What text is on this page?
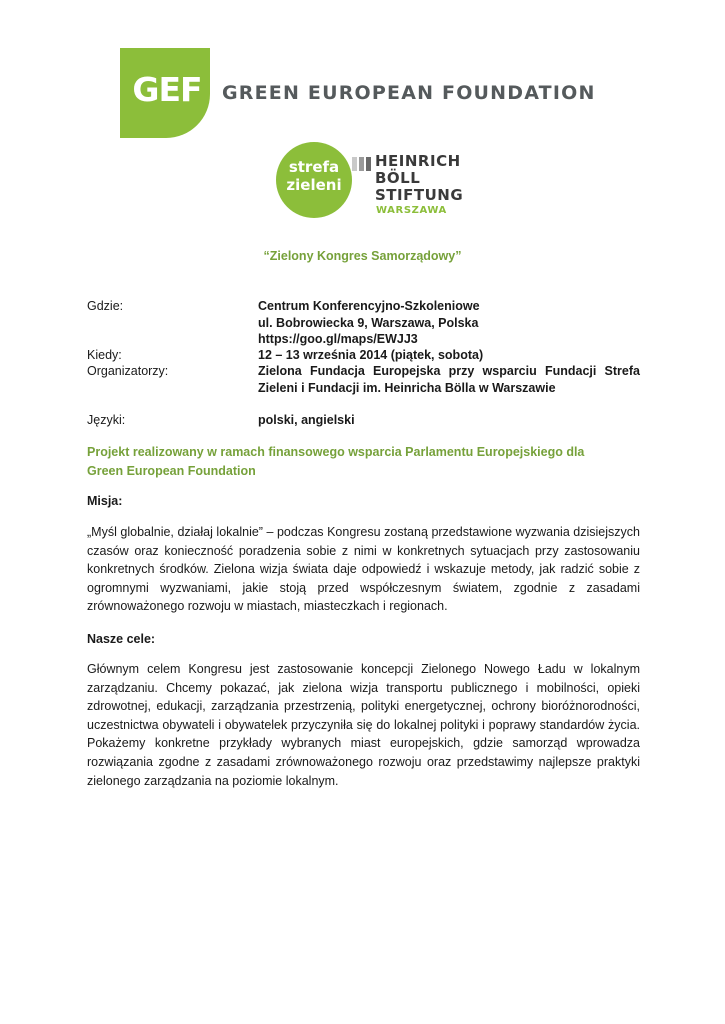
GEF	GREEN EUROPEAN FOUNDATION
strefa
zieleni
HEINRICH
BÖLL
STIFTUNG
WARSZAWA
“Zielony Kongres Samorządowy”
Gdzie:	Centrum Konferencyjno-Szkoleniowe
ul. Bobrowiecka 9, Warszawa, Polska
https://goo.gl/maps/EWJJ3
Kiedy:	12 – 13 września 2014 (piątek, sobota)
Organizatorzy:	Zielona Fundacja Europejska przy wsparciu Fundacji Strefa Zieleni i Fundacji im. Heinricha Bölla w Warszawie
Języki:	polski, angielski
Projekt realizowany w ramach finansowego wsparcia Parlamentu Europejskiego dla Green European Foundation
Misja:
„Myśl globalnie, działaj lokalnie” – podczas Kongresu zostaną przedstawione wyzwania dzisiejszych czasów oraz konieczność poradzenia sobie z nimi w konkretnych sytuacjach przy zastosowaniu konkretnych środków. Zielona wizja świata daje odpowiedź i wskazuje metody, jak radzić sobie z ogromnymi wyzwaniami, jakie stoją przed współczesnym światem, zgodnie z zasadami zrównoważonego rozwoju w miastach, miasteczkach i regionach.
Nasze cele:
Głównym celem Kongresu jest zastosowanie koncepcji Zielonego Nowego Ładu w lokalnym zarządzaniu. Chcemy pokazać, jak zielona wizja transportu publicznego i mobilności, opieki zdrowotnej, edukacji, zarządzania przestrzenią, polityki energetycznej, ochrony bioróżnorodności, uczestnictwa obywateli i obywatelek przyczyniła się do lokalnej polityki i poprawy standardów życia. Pokażemy konkretne przykłady wybranych miast europejskich, gdzie samorząd wprowadza rozwiązania zgodne z zasadami zrównoważonego rozwoju oraz przedstawimy najlepsze praktyki zielonego zarządzania na poziomie lokalnym.
